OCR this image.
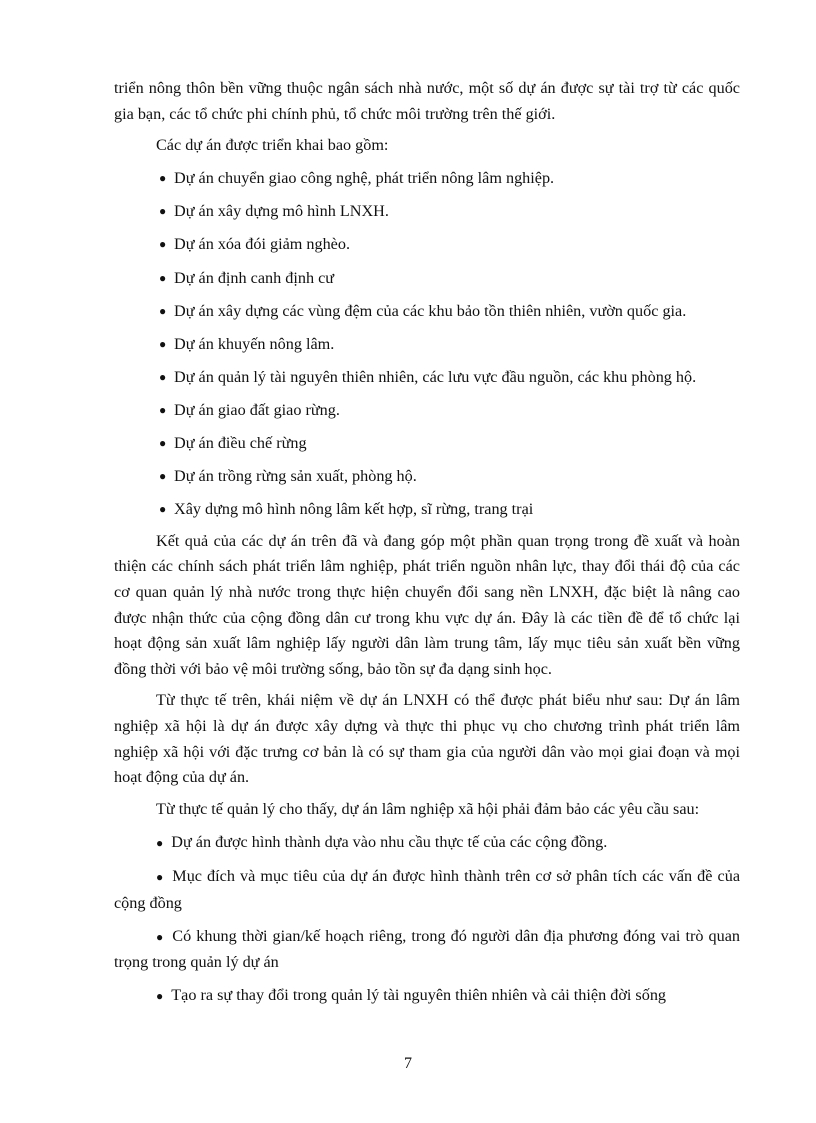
triển nông thôn bền vững thuộc ngân sách nhà nước, một số dự án được sự tài trợ từ các quốc gia bạn, các tổ chức phi chính phủ, tổ chức môi trường trên thế giới.

Các dự án được triển khai bao gồm:

● Dự án chuyển giao công nghệ, phát triển nông lâm nghiệp.
● Dự án xây dựng mô hình LNXH.
● Dự án xóa đói giảm nghèo.
● Dự án định canh định cư
● Dự án xây dựng các vùng đệm của các khu bảo tồn thiên nhiên, vườn quốc gia.
● Dự án khuyến nông lâm.
● Dự án quản lý tài nguyên thiên nhiên, các lưu vực đầu nguồn, các khu phòng hộ.
● Dự án giao đất giao rừng.
● Dự án điều chế rừng
● Dự án trồng rừng sản xuất, phòng hộ.
● Xây dựng mô hình nông lâm kết hợp, sĩ rừng, trang trại

Kết quả của các dự án trên đã và đang góp một phần quan trọng trong đề xuất và hoàn thiện các chính sách phát triển lâm nghiệp, phát triển nguồn nhân lực, thay đổi thái độ của các cơ quan quản lý nhà nước trong thực hiện chuyển đổi sang nền LNXH, đặc biệt là nâng cao được nhận thức của cộng đồng dân cư trong khu vực dự án. Đây là các tiền đề để tổ chức lại hoạt động sản xuất lâm nghiệp lấy người dân làm trung tâm, lấy mục tiêu sản xuất bền vững đồng thời với bảo vệ môi trường sống, bảo tồn sự đa dạng sinh học.

Từ thực tế trên, khái niệm về dự án LNXH có thể được phát biểu như sau: Dự án lâm nghiệp xã hội là dự án được xây dựng và thực thi phục vụ cho chương trình phát triển lâm nghiệp xã hội với đặc trưng cơ bản là có sự tham gia của người dân vào mọi giai đoạn và mọi hoạt động của dự án.

Từ thực tế quản lý cho thấy, dự án lâm nghiệp xã hội phải đảm bảo các yêu cầu sau:

● Dự án được hình thành dựa vào nhu cầu thực tế của các cộng đồng.
● Mục đích và mục tiêu của dự án được hình thành trên cơ sở phân tích các vấn đề của cộng đồng
● Có khung thời gian/kế hoạch riêng, trong đó người dân địa phương đóng vai trò quan trọng trong quản lý dự án
● Tạo ra sự thay đổi trong quản lý tài nguyên thiên nhiên và cải thiện đời sống
7
